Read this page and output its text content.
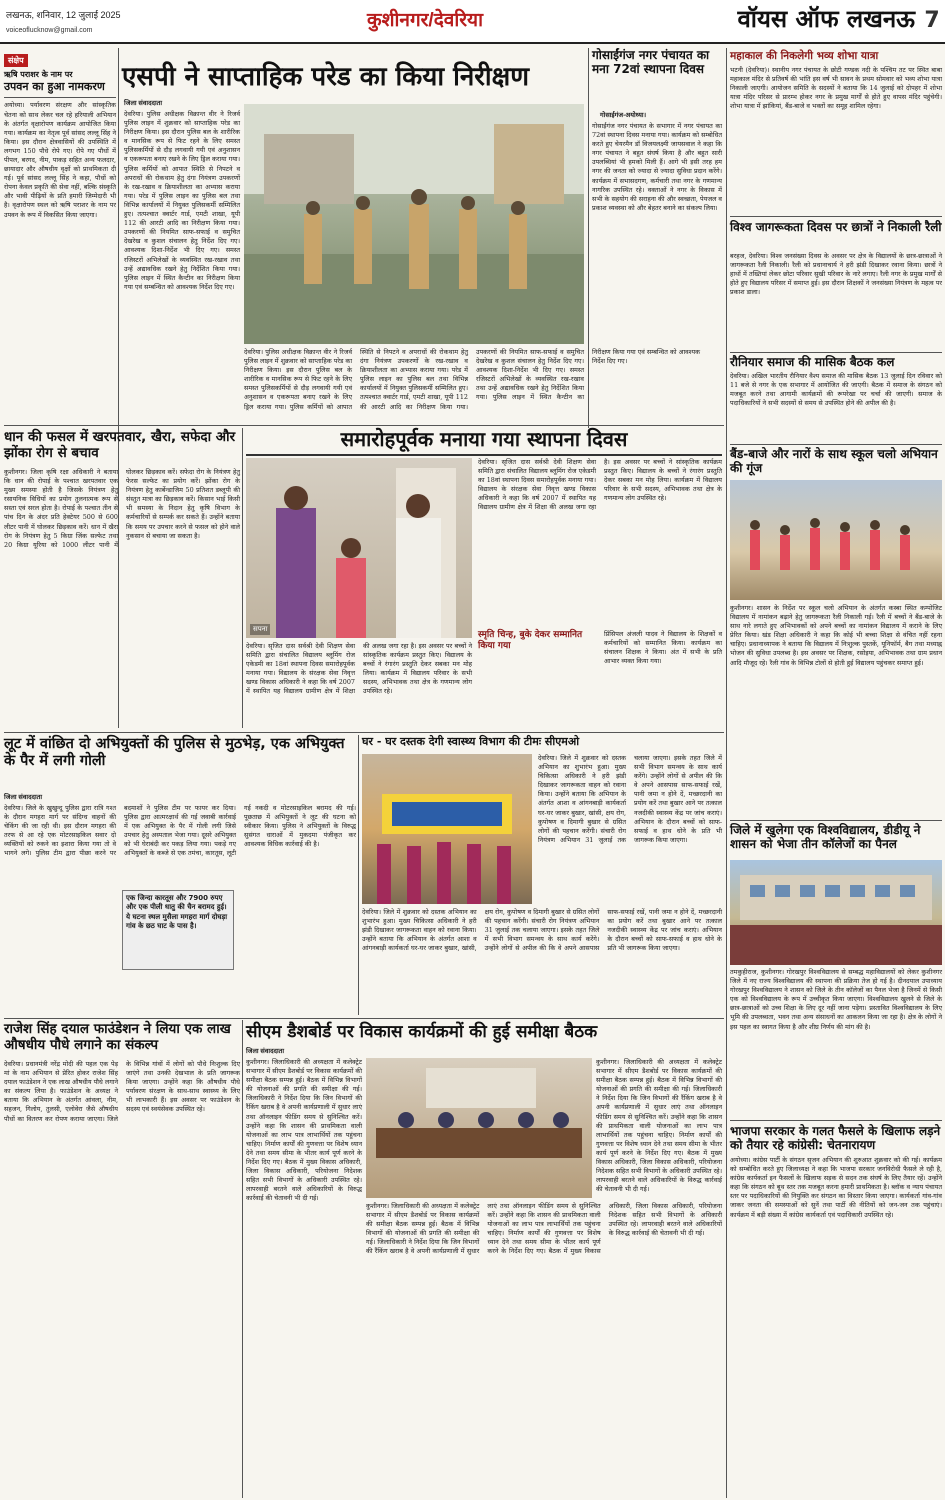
लखनऊ, शनिवार, 12 जुलाई 2025
voiceoflucknow@gmail.com	कुशीनगर/देवरिया	वॉयस ऑफ लखनऊ 7
संक्षेप
ऋषि पराशर के नाम पर
उपवन का हुआ नामकरण
अयोध्या। पर्यावरण संरक्षण और सांस्कृतिक चेतना को साथ लेकर चल रहे हरियाली अभियान के अंतर्गत वृक्षारोपण कार्यक्रम आयोजित किया गया। कार्यक्रम का नेतृत्व पूर्व सांसद लल्लू सिंह ने किया। इस दौरान क्षेत्रवासियों की उपस्थिति में लगभग 150 पौधे रोपे गए। रोपे गए पौधों में पीपल, बरगद, नीम, पाकड़ सहित अन्य फलदार, छायादार और औषधीय वृक्षों को प्राथमिकता दी गई। पूर्व सांसद लल्लू सिंह ने कहा, पौधों को रोपना केवल प्रकृति की सेवा नहीं, बल्कि संस्कृति और भावी पीढ़ियों के प्रति हमारी जिम्मेदारी भी है। वृक्षारोपण स्थल को ऋषि पराशर के नाम पर उपवन के रूप में विकसित किया जाएगा।
एसपी ने साप्ताहिक परेड का किया निरीक्षण
जिला संवाददाता
देवरिया। पुलिस अधीक्षक विक्रान्त वीर ने रिजर्व पुलिस लाइन में शुक्रवार को साप्ताहिक परेड का निरीक्षण किया। इस दौरान पुलिस बल के शारीरिक व मानसिक रूप से फिट रहने के लिए समस्त पुलिसकर्मियों से दौड़ लगवायी गयी एवं अनुशासन व एकरूपता बनाए रखने के लिए ड्रिल कराया गया। पुलिस कर्मियों को आपात स्थिति से निपटने व अपराधों की रोकथाम हेतु दंगा नियंत्रण उपकरणों के रख-रखाव व क्रियाशीलता का अभ्यास कराया गया। परेड में पुलिस लाइन का पुलिस बल तथा विभिन्न कार्यालयों में नियुक्त पुलिसकर्मी सम्मिलित हुए। तत्पश्चात क्वार्टर गार्ड, एमटी शाखा, यूपी 112 की आरटी आदि का निरीक्षण किया गया। उपकरणों की नियमित साफ-सफाई व समुचित देखरेख व कुशल संचालन हेतु निर्देश दिए गए। आवश्यक दिशा-निर्देश भी दिए गए। समस्त रजिस्टरों अभिलेखों के व्यवस्थित रख-रखाव तथा उन्हें अद्यावधिक रखने हेतु निर्देशित किया गया। पुलिस लाइन में स्थित कैन्टीन का निरीक्षण किया गया एवं सम्बन्धित को आवश्यक निर्देश दिए गए।
देवरिया। पुलिस अधीक्षक विक्रान्त वीर ने रिजर्व पुलिस लाइन में शुक्रवार को साप्ताहिक परेड का निरीक्षण किया। इस दौरान पुलिस बल के शारीरिक व मानसिक रूप से फिट रहने के लिए समस्त पुलिसकर्मियों से दौड़ लगवायी गयी एवं अनुशासन व एकरूपता बनाए रखने के लिए ड्रिल कराया गया। पुलिस कर्मियों को आपात स्थिति से निपटने व अपराधों की रोकथाम हेतु दंगा नियंत्रण उपकरणों के रख-रखाव व क्रियाशीलता का अभ्यास कराया गया। परेड में पुलिस लाइन का पुलिस बल तथा विभिन्न कार्यालयों में नियुक्त पुलिसकर्मी सम्मिलित हुए। तत्पश्चात क्वार्टर गार्ड, एमटी शाखा, यूपी 112 की आरटी आदि का निरीक्षण किया गया। उपकरणों की नियमित साफ-सफाई व समुचित देखरेख व कुशल संचालन हेतु निर्देश दिए गए। आवश्यक दिशा-निर्देश भी दिए गए। समस्त रजिस्टरों अभिलेखों के व्यवस्थित रख-रखाव तथा उन्हें अद्यावधिक रखने हेतु निर्देशित किया गया। पुलिस लाइन में स्थित कैन्टीन का निरीक्षण किया गया एवं सम्बन्धित को आवश्यक निर्देश दिए गए।
गोसाईंगंज नगर पंचायत का मना 72वां स्थापना दिवस
गोसाईगंज-अयोध्या।
गोसाईंगंज नगर पंचायत के सभागार में नगर पंचायत का 72वां स्थापना दिवस मनाया गया। कार्यक्रम को सम्बोधित करते हुए चेयरमैन डॉ विजयलक्ष्मी जायसवाल ने कहा कि नगर पंचायत ने बहुत संघर्ष किया है और बहुत सारी उपलब्धियां भी हमको मिली हैं। आगे भी इसी तरह हम नगर की जनता को ज्यादा से ज्यादा सुविधा प्रदान करेंगे। कार्यक्रम में सभासदगण, कर्मचारी तथा नगर के गणमान्य नागरिक उपस्थित रहे। वक्ताओं ने नगर के विकास में सभी के सहयोग की सराहना की और स्वच्छता, पेयजल व प्रकाश व्यवस्था को और बेहतर बनाने का संकल्प लिया।
महाकाल की निकलेगी भव्य शोभा यात्रा
भटनी (देवरिया)। स्थानीय नगर पंचायत के छोटी गण्डक नदी के पश्चिम तट पर स्थित बाबा महाकाल मंदिर से प्रतिवर्ष की भांति इस वर्ष भी सावन के प्रथम सोमवार को भव्य शोभा यात्रा निकाली जाएगी। आयोजन समिति के सदस्यों ने बताया कि 14 जुलाई को दोपहर में शोभा यात्रा मंदिर परिसर से प्रारम्भ होकर नगर के प्रमुख मार्गों से होते हुए वापस मंदिर पहुंचेगी। शोभा यात्रा में झांकियां, बैंड-बाजे व भक्तों का समूह शामिल रहेगा।
विश्व जागरूकता दिवस पर छात्रों ने निकाली रैली
बरहज, देवरिया। विश्व जनसंख्या दिवस के अवसर पर क्षेत्र के विद्यालयों के छात्र-छात्राओं ने जागरूकता रैली निकाली। रैली को प्रधानाचार्य ने हरी झंडी दिखाकर रवाना किया। छात्रों ने हाथों में तख्तियां लेकर छोटा परिवार सुखी परिवार के नारे लगाए। रैली नगर के प्रमुख मार्गों से होते हुए विद्यालय परिसर में समाप्त हुई। इस दौरान शिक्षकों ने जनसंख्या नियंत्रण के महत्व पर प्रकाश डाला।
रौनियार समाज की मासिक बैठक कल
देवरिया। अखिल भारतीय रौनियार वैश्य समाज की मासिक बैठक 13 जुलाई दिन रविवार को 11 बजे से नगर के एक सभागार में आयोजित की जाएगी। बैठक में समाज के संगठन को मजबूत करने तथा आगामी कार्यक्रमों की रूपरेखा पर चर्चा की जाएगी। समाज के पदाधिकारियों ने सभी सदस्यों से समय से उपस्थित होने की अपील की है।
बैंड-बाजे और नारों के साथ स्कूल चलो अभियान की गूंज
कुशीनगर। शासन के निर्देश पर स्कूल चलो अभियान के अंतर्गत कस्बा स्थित कम्पोजिट विद्यालय में नामांकन बढ़ाने हेतु जागरूकता रैली निकाली गई। रैली में बच्चों ने बैंड-बाजे के साथ नारे लगाते हुए अभिभावकों को अपने बच्चों का नामांकन विद्यालय में कराने के लिए प्रेरित किया। खंड शिक्षा अधिकारी ने कहा कि कोई भी बच्चा शिक्षा से वंचित नहीं रहना चाहिए। प्रधानाध्यापक ने बताया कि विद्यालय में निःशुल्क पुस्तकें, यूनिफॉर्म, बैग तथा मध्याह्न भोजन की सुविधा उपलब्ध है। इस अवसर पर शिक्षक, रसोइया, अभिभावक तथा ग्राम प्रधान आदि मौजूद रहे। रैली गांव के विभिन्न टोलों से होती हुई विद्यालय पहुंचकर समाप्त हुई।
जिले में खुलेगा एक विश्वविद्यालय, डीडीयू ने शासन को भेजा तीन कॉलेजों का पैनल
तमकुहीराज, कुशीनगर। गोरखपुर विश्वविद्यालय से सम्बद्ध महाविद्यालयों को लेकर कुशीनगर जिले में नए राज्य विश्वविद्यालय की स्थापना की प्रक्रिया तेज हो गई है। दीनदयाल उपाध्याय गोरखपुर विश्वविद्यालय ने शासन को जिले के तीन कॉलेजों का पैनल भेजा है जिनमें से किसी एक को विश्वविद्यालय के रूप में उच्चीकृत किया जाएगा। विश्वविद्यालय खुलने से जिले के छात्र-छात्राओं को उच्च शिक्षा के लिए दूर नहीं जाना पड़ेगा। प्रस्तावित विश्वविद्यालय के लिए भूमि की उपलब्धता, भवन तथा अन्य संसाधनों का आकलन किया जा रहा है। क्षेत्र के लोगों ने इस पहल का स्वागत किया है और शीघ्र निर्णय की मांग की है।
भाजपा सरकार के गलत फैसले के खिलाफ लड़ने को तैयार रहे कांग्रेसी: चेतनारायण
अयोध्या। कांग्रेस पार्टी के संगठन सृजन अभियान की शुरुआत शुक्रवार को की गई। कार्यक्रम को सम्बोधित करते हुए जिलाध्यक्ष ने कहा कि भाजपा सरकार जनविरोधी फैसले ले रही है, कांग्रेस कार्यकर्ता इन फैसलों के खिलाफ सड़क से सदन तक संघर्ष के लिए तैयार रहें। उन्होंने कहा कि संगठन को बूथ स्तर तक मजबूत करना हमारी प्राथमिकता है। ब्लॉक व न्याय पंचायत स्तर पर पदाधिकारियों की नियुक्ति कर संगठन का विस्तार किया जाएगा। कार्यकर्ता गांव-गांव जाकर जनता की समस्याओं को सुनें तथा पार्टी की नीतियों को जन-जन तक पहुंचाएं। कार्यक्रम में बड़ी संख्या में कांग्रेस कार्यकर्ता एवं पदाधिकारी उपस्थित रहे।
धान की फसल में खरपतवार, खैरा, सफेदा और झोंका रोग से बचाव
कुशीनगर। जिला कृषि रक्षा अधिकारी ने बताया कि धान की रोपाई के पश्चात खरपतवार एक मुख्य समस्या होती है जिसके नियंत्रण हेतु रसायनिक विधियों का प्रयोग तुलनात्मक रूप से सस्ता एवं सरल होता है। रोपाई के पश्चात तीन से पांच दिन के अंदर प्रति हेक्टेयर 500 से 600 लीटर पानी में घोलकर छिड़काव करें। धान में खैरा रोग के नियंत्रण हेतु 5 किग्रा जिंक सल्फेट तथा 20 किग्रा यूरिया को 1000 लीटर पानी में घोलकर छिड़काव करें। सफेदा रोग के नियंत्रण हेतु फेरस सल्फेट का प्रयोग करें। झोंका रोग के नियंत्रण हेतु कार्बेन्डाजिम 50 प्रतिशत डब्लूपी की संस्तुत मात्रा का छिड़काव करें। किसान भाई किसी भी समस्या के निदान हेतु कृषि विभाग के कर्मचारियों से सम्पर्क कर सकते हैं। उन्होंने बताया कि समय पर उपचार करने से फसल को होने वाले नुकसान से बचाया जा सकता है।
समारोहपूर्वक मनाया गया स्थापना दिवस
सपना
देवरिया। सृजित दास सर्वश्री देवी शिक्षण सेवा समिति द्वारा संचालित विद्यालय ब्लूमिंग रोज एकेडमी का 18वां स्थापना दिवस समारोहपूर्वक मनाया गया। विद्यालय के संरक्षक सेवा निवृत्त खण्ड विकास अधिकारी ने कहा कि वर्ष 2007 में स्थापित यह विद्यालय ग्रामीण क्षेत्र में शिक्षा की अलख जगा रहा है। इस अवसर पर बच्चों ने सांस्कृतिक कार्यक्रम प्रस्तुत किए। विद्यालय के बच्चों ने रंगारंग प्रस्तुति देकर सबका मन मोह लिया। कार्यक्रम में विद्यालय परिवार के सभी सदस्य, अभिभावक तथा क्षेत्र के गणमान्य लोग उपस्थित रहे।
देवरिया। सृजित दास सर्वश्री देवी शिक्षण सेवा समिति द्वारा संचालित विद्यालय ब्लूमिंग रोज एकेडमी का 18वां स्थापना दिवस समारोहपूर्वक मनाया गया। विद्यालय के संरक्षक सेवा निवृत्त खण्ड विकास अधिकारी ने कहा कि वर्ष 2007 में स्थापित यह विद्यालय ग्रामीण क्षेत्र में शिक्षा की अलख जगा रहा है। इस अवसर पर बच्चों ने सांस्कृतिक कार्यक्रम प्रस्तुत किए। विद्यालय के बच्चों ने रंगारंग प्रस्तुति देकर सबका मन मोह लिया। कार्यक्रम में विद्यालय परिवार के सभी सदस्य, अभिभावक तथा क्षेत्र के गणमान्य लोग उपस्थित रहे।
स्मृति चिन्ह, बुके देकर सम्मानित किया गया
प्रिंसिपल अंजली यादव ने विद्यालय के शिक्षकों व कर्मचारियों को सम्मानित किया। कार्यक्रम का संचालन शिक्षक ने किया। अंत में सभी के प्रति आभार व्यक्त किया गया।
लूट में वांछित दो अभियुक्तों की पुलिस से मुठभेड़, एक अभियुक्त के पैर में लगी गोली
जिला संवाददाता
देवरिया। जिले के खुखुन्दू पुलिस द्वारा रात्रि गश्त के दौरान मगहरा मार्ग पर संदिग्ध वाहनों की चेकिंग की जा रही थी। इस दौरान मगहरा की तरफ से आ रहे एक मोटरसाइकिल सवार दो व्यक्तियों को रुकने का इशारा किया गया तो वे भागने लगे। पुलिस टीम द्वारा पीछा करने पर बदमाशों ने पुलिस टीम पर फायर कर दिया। पुलिस द्वारा आत्मरक्षार्थ की गई जवाबी कार्रवाई में एक अभियुक्त के पैर में गोली लगी जिसे उपचार हेतु अस्पताल भेजा गया। दूसरे अभियुक्त को भी घेराबंदी कर पकड़ लिया गया। पकड़े गए अभियुक्तों के कब्जे से एक तमंचा, कारतूस, लूटी गई नकदी व मोटरसाइकिल बरामद की गई। पूछताछ में अभियुक्तों ने लूट की घटना को स्वीकार किया। पुलिस ने अभियुक्तों के विरुद्ध सुसंगत धाराओं में मुकदमा पंजीकृत कर आवश्यक विधिक कार्रवाई की है।
एक जिन्दा कारतूस और 7900 रुपए और एक पीली धातु की चैन बरामद हुई। ये घटना स्थल मुसैला मगहरा मार्ग दोघड़ा गांव के छठ घाट के पास है।
घर - घर दस्तक देगी स्वास्थ्य विभाग की टीमः सीएमओ
देवरिया। जिले में शुक्रवार को दस्तक अभियान का शुभारंभ हुआ। मुख्य चिकित्सा अधिकारी ने हरी झंडी दिखाकर जागरूकता वाहन को रवाना किया। उन्होंने बताया कि अभियान के अंतर्गत आशा व आंगनबाड़ी कार्यकर्ता घर-घर जाकर बुखार, खांसी, क्षय रोग, कुपोषण व दिमागी बुखार से ग्रसित लोगों की पहचान करेंगी। संचारी रोग नियंत्रण अभियान 31 जुलाई तक चलाया जाएगा। इसके तहत जिले में सभी विभाग समन्वय के साथ कार्य करेंगे। उन्होंने लोगों से अपील की कि वे अपने आसपास साफ-सफाई रखें, पानी जमा न होने दें, मच्छरदानी का प्रयोग करें तथा बुखार आने पर तत्काल नजदीकी स्वास्थ्य केंद्र पर जांच कराएं। अभियान के दौरान बच्चों को साफ-सफाई व हाथ धोने के प्रति भी जागरूक किया जाएगा।
देवरिया। जिले में शुक्रवार को दस्तक अभियान का शुभारंभ हुआ। मुख्य चिकित्सा अधिकारी ने हरी झंडी दिखाकर जागरूकता वाहन को रवाना किया। उन्होंने बताया कि अभियान के अंतर्गत आशा व आंगनबाड़ी कार्यकर्ता घर-घर जाकर बुखार, खांसी, क्षय रोग, कुपोषण व दिमागी बुखार से ग्रसित लोगों की पहचान करेंगी। संचारी रोग नियंत्रण अभियान 31 जुलाई तक चलाया जाएगा। इसके तहत जिले में सभी विभाग समन्वय के साथ कार्य करेंगे। उन्होंने लोगों से अपील की कि वे अपने आसपास साफ-सफाई रखें, पानी जमा न होने दें, मच्छरदानी का प्रयोग करें तथा बुखार आने पर तत्काल नजदीकी स्वास्थ्य केंद्र पर जांच कराएं। अभियान के दौरान बच्चों को साफ-सफाई व हाथ धोने के प्रति भी जागरूक किया जाएगा।
राजेश सिंह दयाल फाउंडेशन ने लिया एक लाख औषधीय पौधे लगाने का संकल्प
देवरिया। प्रधानमंत्री नरेंद्र मोदी की पहल एक पेड़ मां के नाम अभियान से प्रेरित होकर राजेश सिंह दयाल फाउंडेशन ने एक लाख औषधीय पौधे लगाने का संकल्प लिया है। फाउंडेशन के अध्यक्ष ने बताया कि अभियान के अंतर्गत आंवला, नीम, सहजन, गिलोय, तुलसी, एलोवेरा जैसे औषधीय पौधों का वितरण कर रोपण कराया जाएगा। जिले के विभिन्न गांवों में लोगों को पौधे निःशुल्क दिए जाएंगे तथा उनकी देखभाल के प्रति जागरूक किया जाएगा। उन्होंने कहा कि औषधीय पौधे पर्यावरण संरक्षण के साथ-साथ स्वास्थ्य के लिए भी लाभकारी हैं। इस अवसर पर फाउंडेशन के सदस्य एवं स्वयंसेवक उपस्थित रहे।
सीएम डैशबोर्ड पर विकास कार्यक्रमों की हुई समीक्षा बैठक
जिला संवाददाता
कुशीनगर। जिलाधिकारी की अध्यक्षता में कलेक्ट्रेट सभागार में सीएम डैशबोर्ड पर विकास कार्यक्रमों की समीक्षा बैठक सम्पन्न हुई। बैठक में विभिन्न विभागों की योजनाओं की प्रगति की समीक्षा की गई। जिलाधिकारी ने निर्देश दिया कि जिन विभागों की रैंकिंग खराब है वे अपनी कार्यप्रणाली में सुधार लाएं तथा ऑनलाइन फीडिंग समय से सुनिश्चित करें। उन्होंने कहा कि शासन की प्राथमिकता वाली योजनाओं का लाभ पात्र लाभार्थियों तक पहुंचना चाहिए। निर्माण कार्यों की गुणवत्ता पर विशेष ध्यान देने तथा समय सीमा के भीतर कार्य पूर्ण करने के निर्देश दिए गए। बैठक में मुख्य विकास अधिकारी, जिला विकास अधिकारी, परियोजना निदेशक सहित सभी विभागों के अधिकारी उपस्थित रहे। लापरवाही बरतने वाले अधिकारियों के विरुद्ध कार्रवाई की चेतावनी भी दी गई।
कुशीनगर। जिलाधिकारी की अध्यक्षता में कलेक्ट्रेट सभागार में सीएम डैशबोर्ड पर विकास कार्यक्रमों की समीक्षा बैठक सम्पन्न हुई। बैठक में विभिन्न विभागों की योजनाओं की प्रगति की समीक्षा की गई। जिलाधिकारी ने निर्देश दिया कि जिन विभागों की रैंकिंग खराब है वे अपनी कार्यप्रणाली में सुधार लाएं तथा ऑनलाइन फीडिंग समय से सुनिश्चित करें। उन्होंने कहा कि शासन की प्राथमिकता वाली योजनाओं का लाभ पात्र लाभार्थियों तक पहुंचना चाहिए। निर्माण कार्यों की गुणवत्ता पर विशेष ध्यान देने तथा समय सीमा के भीतर कार्य पूर्ण करने के निर्देश दिए गए। बैठक में मुख्य विकास अधिकारी, जिला विकास अधिकारी, परियोजना निदेशक सहित सभी विभागों के अधिकारी उपस्थित रहे। लापरवाही बरतने वाले अधिकारियों के विरुद्ध कार्रवाई की चेतावनी भी दी गई।
कुशीनगर। जिलाधिकारी की अध्यक्षता में कलेक्ट्रेट सभागार में सीएम डैशबोर्ड पर विकास कार्यक्रमों की समीक्षा बैठक सम्पन्न हुई। बैठक में विभिन्न विभागों की योजनाओं की प्रगति की समीक्षा की गई। जिलाधिकारी ने निर्देश दिया कि जिन विभागों की रैंकिंग खराब है वे अपनी कार्यप्रणाली में सुधार लाएं तथा ऑनलाइन फीडिंग समय से सुनिश्चित करें। उन्होंने कहा कि शासन की प्राथमिकता वाली योजनाओं का लाभ पात्र लाभार्थियों तक पहुंचना चाहिए। निर्माण कार्यों की गुणवत्ता पर विशेष ध्यान देने तथा समय सीमा के भीतर कार्य पूर्ण करने के निर्देश दिए गए। बैठक में मुख्य विकास अधिकारी, जिला विकास अधिकारी, परियोजना निदेशक सहित सभी विभागों के अधिकारी उपस्थित रहे। लापरवाही बरतने वाले अधिकारियों के विरुद्ध कार्रवाई की चेतावनी भी दी गई।
